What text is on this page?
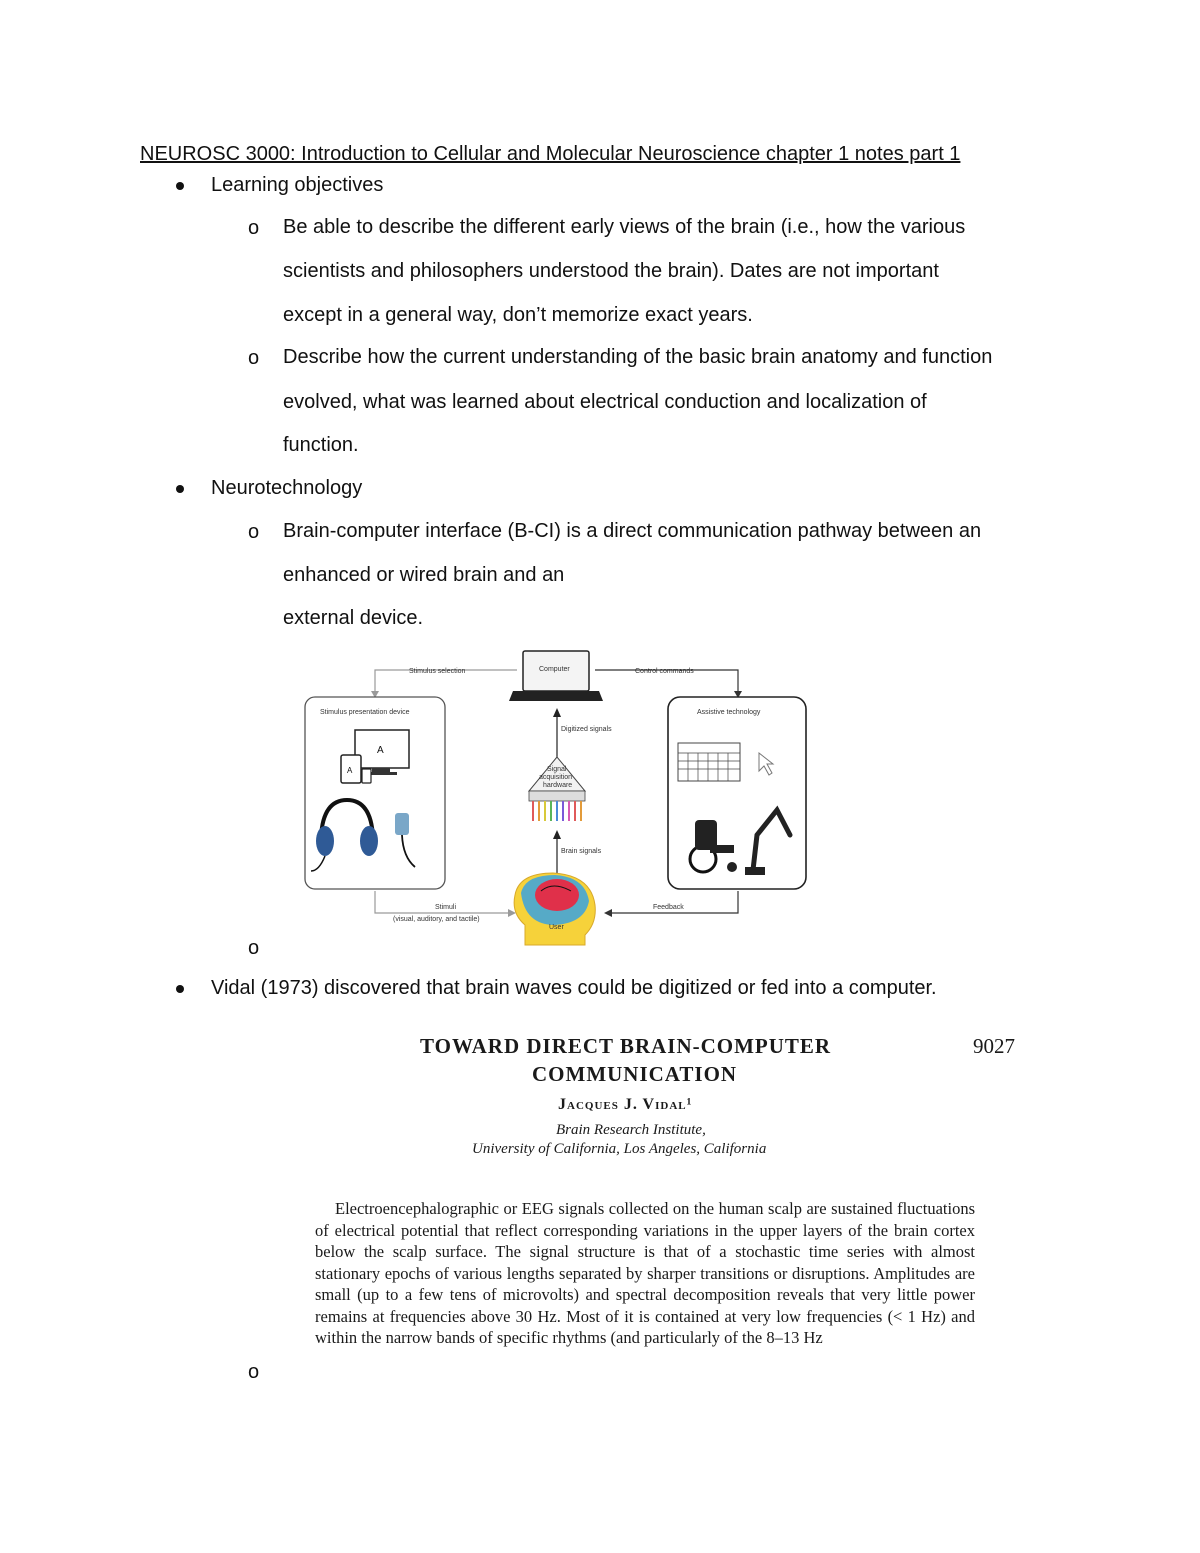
NEUROSC 3000: Introduction to Cellular and Molecular Neuroscience chapter 1 notes part 1
Learning objectives
o Be able to describe the different early views of the brain (i.e., how the various
scientists and philosophers understood the brain). Dates are not important
except in a general way, don’t memorize exact years.
o Describe how the current understanding of the basic brain anatomy and function
evolved, what was learned about electrical conduction and localization of
function.
Neurotechnology
o Brain-computer interface (B-CI) is a direct communication pathway between an
enhanced or wired brain and an
external device.
Stimulus selection	Control commands
Computer
Stimulus presentation device
A
A
Assistive technology
Digitized signals
Signal
acquisition
hardware
Brain signals
Stimuli
(visual, auditory, and tactile)
Feedback
User
o
Vidal (1973) discovered that brain waves could be digitized or fed into a computer.
TOWARD DIRECT BRAIN-COMPUTER
COMMUNICATION
9027
Jacques J. Vidal¹
Brain Research Institute,
University of California, Los Angeles, California
Electroencephalographic or EEG signals collected on the human scalp are sustained fluctuations of electrical potential that reflect corresponding variations in the upper layers of the brain cortex below the scalp surface. The signal structure is that of a stochastic time series with almost stationary epochs of various lengths separated by sharper transitions or disruptions. Amplitudes are small (up to a few tens of microvolts) and spectral decomposition reveals that very little power remains at frequencies above 30 Hz. Most of it is contained at very low frequencies (< 1 Hz) and within the narrow bands of specific rhythms (and particularly of the 8–13 Hz
o
